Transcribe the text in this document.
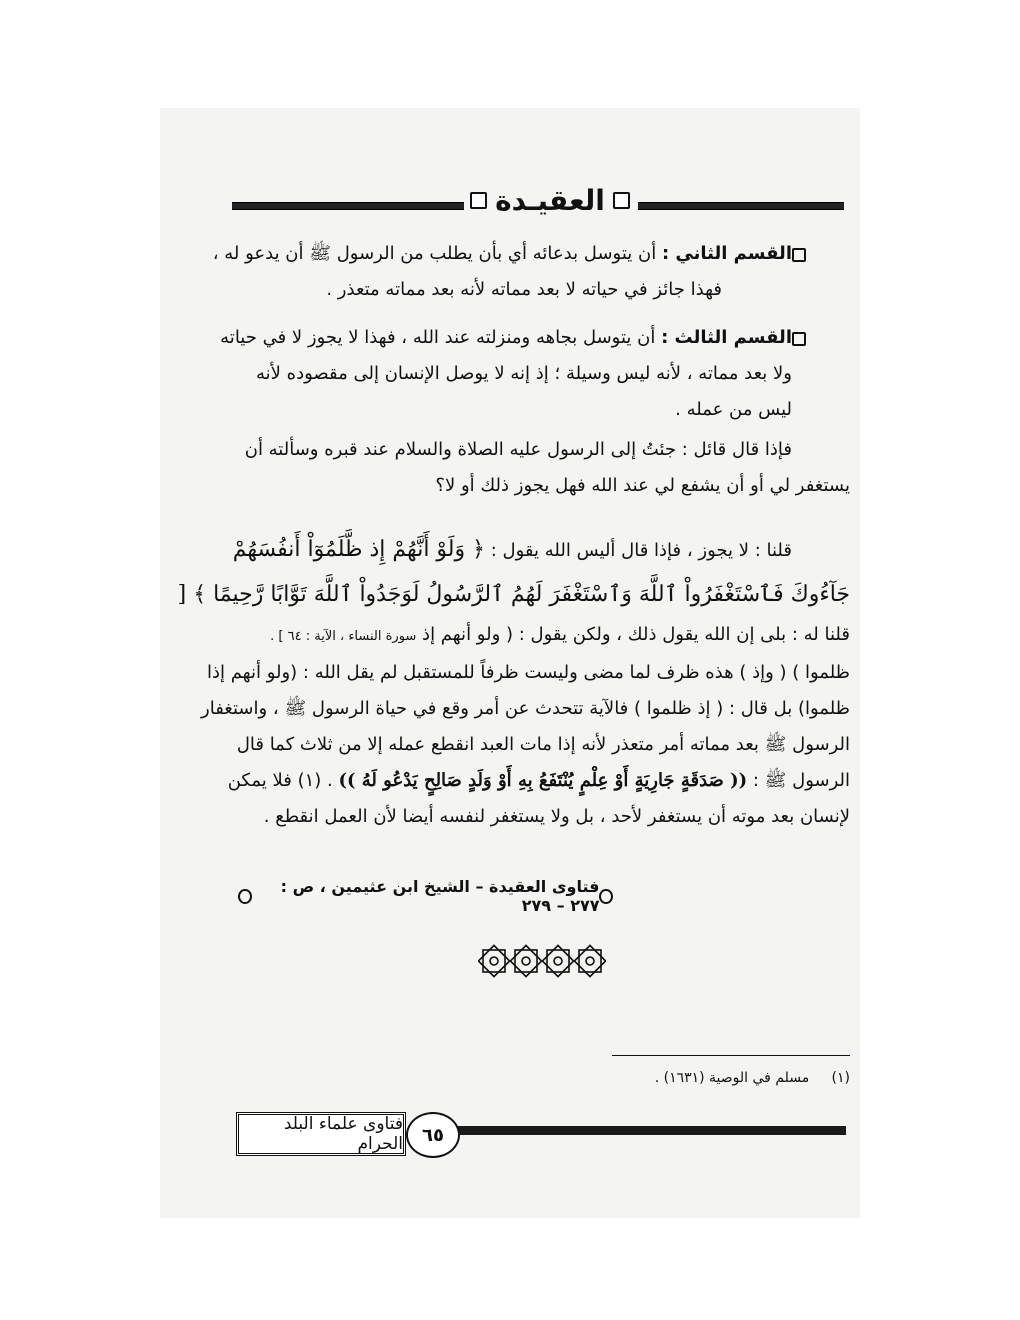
العقيـدة
القسم الثاني : أن يتوسل بدعائه أي بأن يطلب من الرسول ﷺ أن يدعو له ،
فهذا جائز في حياته لا بعد مماته لأنه بعد مماته متعذر .
القسم الثالث : أن يتوسل بجاهه ومنزلته عند الله ، فهذا لا يجوز لا في حياته
ولا بعد مماته ، لأنه ليس وسيلة ؛ إذ إنه لا يوصل الإنسان إلى مقصوده لأنه
ليس من عمله .
فإذا قال قائل : جئتُ إلى الرسول عليه الصلاة والسلام عند قبره وسألته أن
يستغفر لي أو أن يشفع لي عند الله فهل يجوز ذلك أو لا؟
قلنا : لا يجوز ، فإذا قال أليس الله يقول : ﴿ وَلَوْ أَنَّهُمْ إِذ ظَّلَمُوٓاْ أَنفُسَهُمْ
جَآءُوكَ فَٱسْتَغْفَرُواْ ٱللَّهَ وَٱسْتَغْفَرَ لَهُمُ ٱلرَّسُولُ لَوَجَدُواْ ٱللَّهَ تَوَّابًا رَّحِيمًا ﴾ [
قلنا له : بلى إن الله يقول ذلك ، ولكن يقول : ( ولو أنهم إذ سورة النساء ، الآية : ٦٤ ] .
ظلموا ) ( وإذ ) هذه ظرف لما مضى وليست ظرفاً للمستقبل لم يقل الله : (ولو أنهم إذا
ظلموا) بل قال : ( إذ ظلموا ) فالآية تتحدث عن أمر وقع في حياة الرسول ﷺ ، واستغفار
الرسول ﷺ بعد مماته أمر متعذر لأنه إذا مات العبد انقطع عمله إلا من ثلاث كما قال
الرسول ﷺ : (( صَدَقَةٍ جَارِيَةٍ أَوْ عِلْمٍ يُنْتَفَعُ بِهِ أَوْ وَلَدٍ صَالِحٍ يَدْعُو لَهُ )) . (١) فلا يمكن
لإنسان بعد موته أن يستغفر لأحد ، بل ولا يستغفر لنفسه أيضا لأن العمل انقطع .
فتاوى العقيدة – الشيخ ابن عثيمين ، ص : ٢٧٧ – ٢٧٩
(١)     مسلم في الوصية (١٦٣١) .
٦٥
فتاوى علماء البلد الحرام
